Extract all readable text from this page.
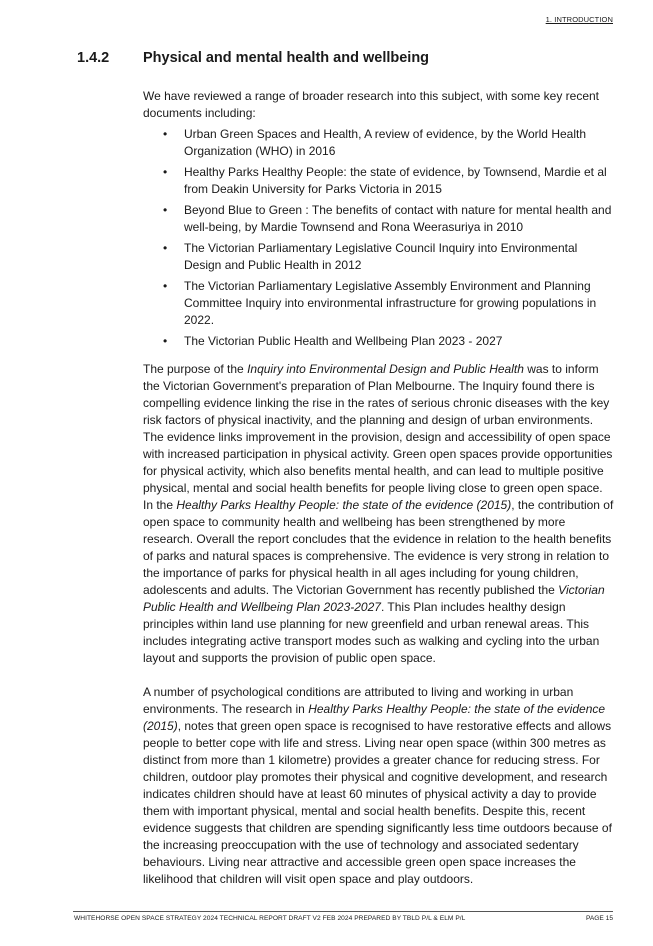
1. INTRODUCTION
1.4.2	Physical and mental health and wellbeing

We have reviewed a range of broader research into this subject, with some key recent documents including:

• Urban Green Spaces and Health, A review of evidence, by the World Health Organization (WHO) in 2016
• Healthy Parks Healthy People: the state of evidence, by Townsend, Mardie et al from Deakin University for Parks Victoria in 2015
• Beyond Blue to Green : The benefits of contact with nature for mental health and well-being, by Mardie Townsend and Rona Weerasuriya in 2010
• The Victorian Parliamentary Legislative Council Inquiry into Environmental Design and Public Health in 2012
• The Victorian Parliamentary Legislative Assembly Environment and Planning Committee Inquiry into environmental infrastructure for growing populations in 2022.
• The Victorian Public Health and Wellbeing Plan 2023 - 2027

The purpose of the Inquiry into Environmental Design and Public Health was to inform the Victorian Government's preparation of Plan Melbourne. The Inquiry found there is compelling evidence linking the rise in the rates of serious chronic diseases with the key risk factors of physical inactivity, and the planning and design of urban environments. The evidence links improvement in the provision, design and accessibility of open space with increased participation in physical activity. Green open spaces provide opportunities for physical activity, which also benefits mental health, and can lead to multiple positive physical, mental and social health benefits for people living close to green open space. In the Healthy Parks Healthy People: the state of the evidence (2015), the contribution of open space to community health and wellbeing has been strengthened by more research. Overall the report concludes that the evidence in relation to the health benefits of parks and natural spaces is comprehensive. The evidence is very strong in relation to the importance of parks for physical health in all ages including for young children, adolescents and adults. The Victorian Government has recently published the Victorian Public Health and Wellbeing Plan 2023-2027. This Plan includes healthy design principles within land use planning for new greenfield and urban renewal areas. This includes integrating active transport modes such as walking and cycling into the urban layout and supports the provision of public open space.

A number of psychological conditions are attributed to living and working in urban environments. The research in Healthy Parks Healthy People: the state of the evidence (2015), notes that green open space is recognised to have restorative effects and allows people to better cope with life and stress. Living near open space (within 300 metres as distinct from more than 1 kilometre) provides a greater chance for reducing stress. For children, outdoor play promotes their physical and cognitive development, and research indicates children should have at least 60 minutes of physical activity a day to provide them with important physical, mental and social health benefits. Despite this, recent evidence suggests that children are spending significantly less time outdoors because of the increasing preoccupation with the use of technology and associated sedentary behaviours. Living near attractive and accessible green open space increases the likelihood that children will visit open space and play outdoors.

WHITEHORSE OPEN SPACE STRATEGY 2024 TECHNICAL REPORT DRAFT V2 FEB 2024 PREPARED BY TBLD P/L & ELM P/L	PAGE 15
